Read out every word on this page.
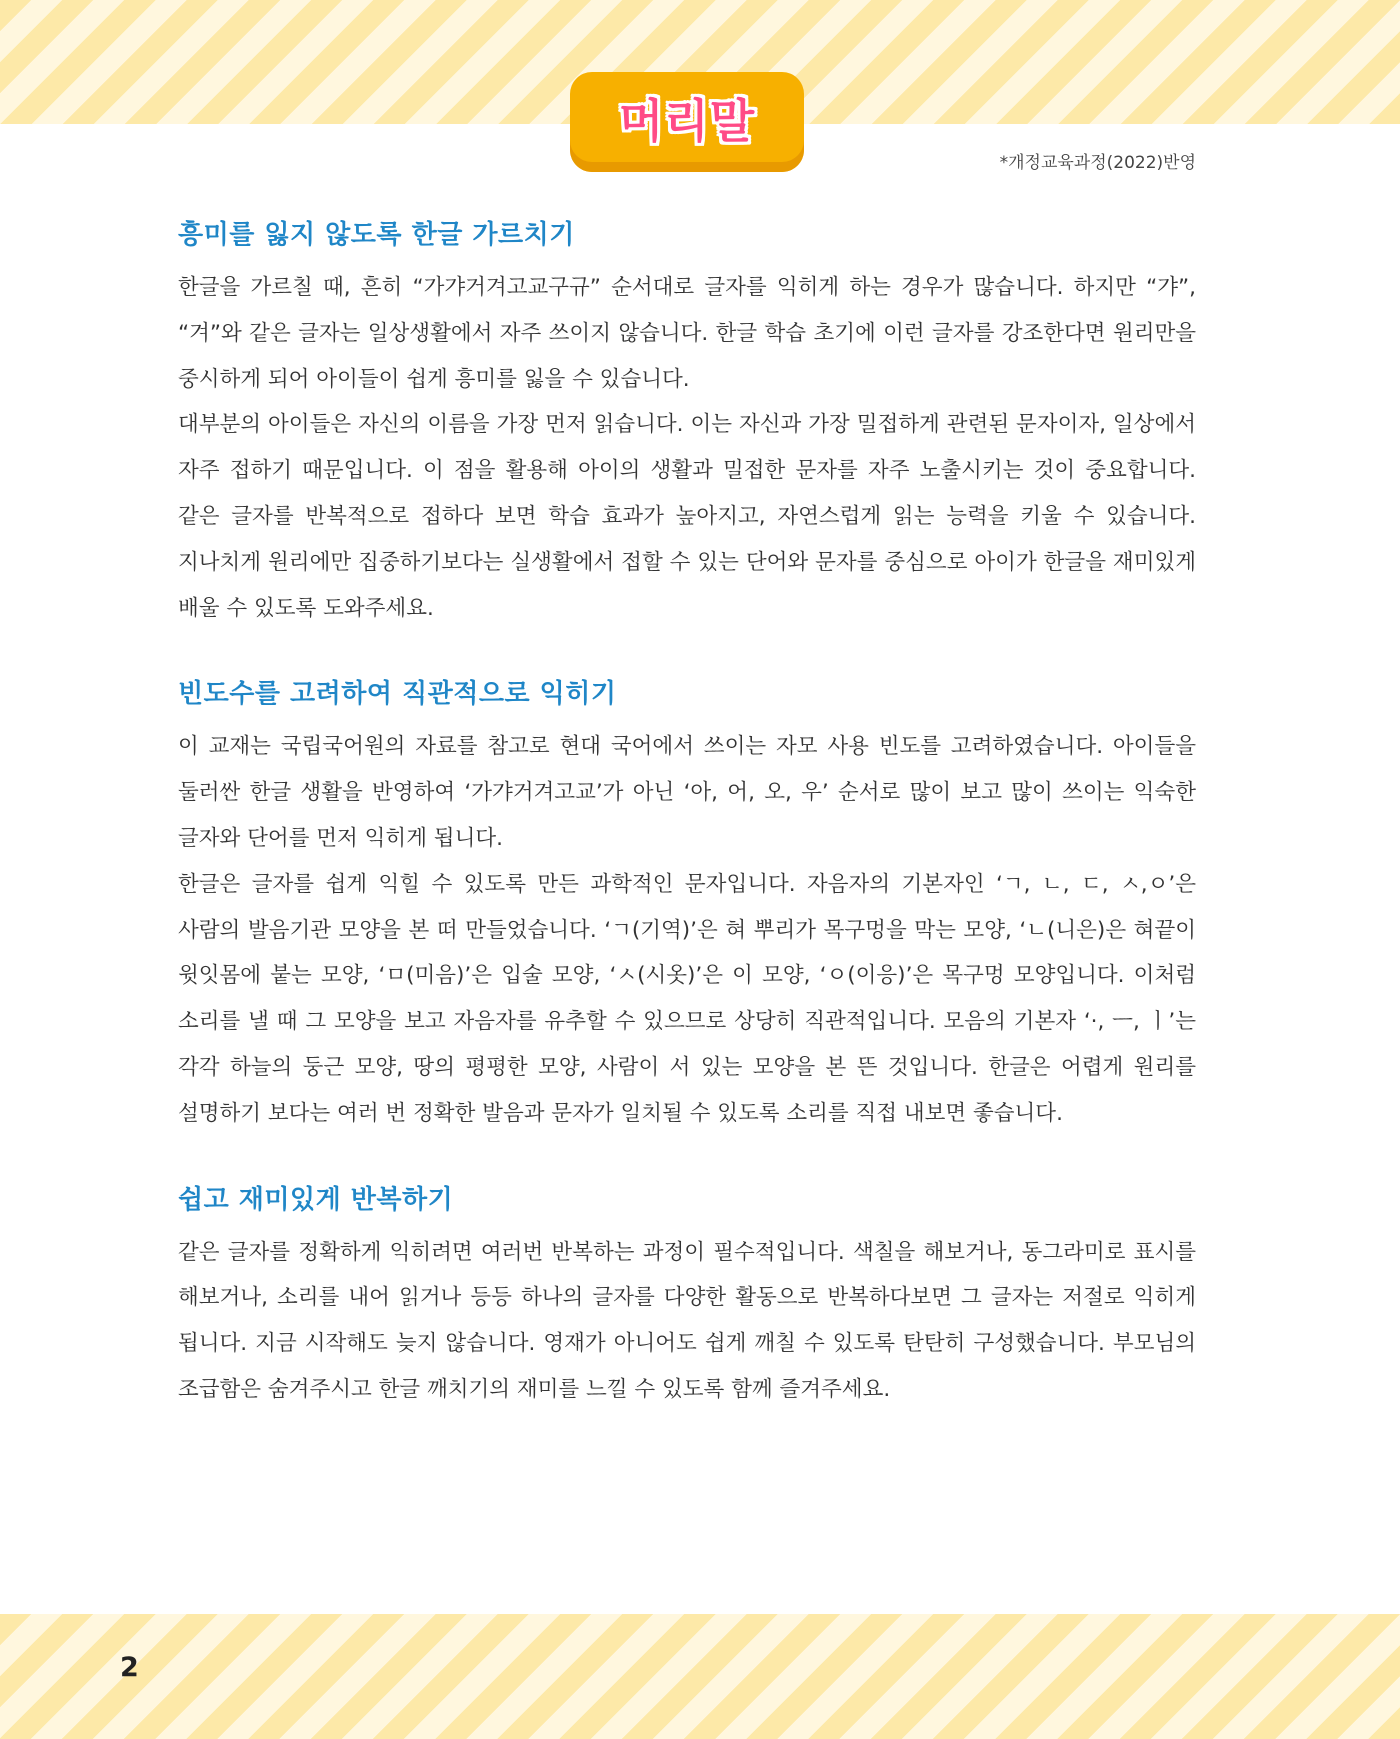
머리말
*개정교육과정(2022)반영
흥미를 잃지 않도록 한글 가르치기

한글을 가르칠 때, 흔히 “가갸거겨고교구규” 순서대로 글자를 익히게 하는 경우가 많습니다. 하지만 “갸”, “겨”와 같은 글자는 일상생활에서 자주 쓰이지 않습니다. 한글 학습 초기에 이런 글자를 강조한다면 원리만을 중시하게 되어 아이들이 쉽게 흥미를 잃을 수 있습니다.

대부분의 아이들은 자신의 이름을 가장 먼저 읽습니다. 이는 자신과 가장 밀접하게 관련된 문자이자, 일상에서 자주 접하기 때문입니다. 이 점을 활용해 아이의 생활과 밀접한 문자를 자주 노출시키는 것이 중요합니다. 같은 글자를 반복적으로 접하다 보면 학습 효과가 높아지고, 자연스럽게 읽는 능력을 키울 수 있습니다. 지나치게 원리에만 집중하기보다는 실생활에서 접할 수 있는 단어와 문자를 중심으로 아이가 한글을 재미있게 배울 수 있도록 도와주세요.

빈도수를 고려하여 직관적으로 익히기

이 교재는 국립국어원의 자료를 참고로 현대 국어에서 쓰이는 자모 사용 빈도를 고려하였습니다. 아이들을 둘러싼 한글 생활을 반영하여 ‘가갸거겨고교’가 아닌 ‘아, 어, 오, 우’ 순서로 많이 보고 많이 쓰이는 익숙한 글자와 단어를 먼저 익히게 됩니다.

한글은 글자를 쉽게 익힐 수 있도록 만든 과학적인 문자입니다. 자음자의 기본자인 ‘ㄱ, ㄴ, ㄷ, ㅅ,ㅇ’은 사람의 발음기관 모양을 본 떠 만들었습니다. ‘ㄱ(기역)’은 혀 뿌리가 목구멍을 막는 모양, ‘ㄴ(니은)은 혀끝이 윗잇몸에 붙는 모양, ‘ㅁ(미음)’은 입술 모양, ‘ㅅ(시옷)’은 이 모양, ‘ㅇ(이응)’은 목구멍 모양입니다. 이처럼 소리를 낼 때 그 모양을 보고 자음자를 유추할 수 있으므로 상당히 직관적입니다. 모음의 기본자 ‘·, ㅡ, ㅣ’는 각각 하늘의 둥근 모양, 땅의 평평한 모양, 사람이 서 있는 모양을 본 뜬 것입니다. 한글은 어렵게 원리를 설명하기 보다는 여러 번 정확한 발음과 문자가 일치될 수 있도록 소리를 직접 내보면 좋습니다.

쉽고 재미있게 반복하기

같은 글자를 정확하게 익히려면 여러번 반복하는 과정이 필수적입니다. 색칠을 해보거나, 동그라미로 표시를 해보거나, 소리를 내어 읽거나 등등 하나의 글자를 다양한 활동으로 반복하다보면 그 글자는 저절로 익히게 됩니다. 지금 시작해도 늦지 않습니다. 영재가 아니어도 쉽게 깨칠 수 있도록 탄탄히 구성했습니다. 부모님의 조급함은 숨겨주시고 한글 깨치기의 재미를 느낄 수 있도록 함께 즐겨주세요.

2
